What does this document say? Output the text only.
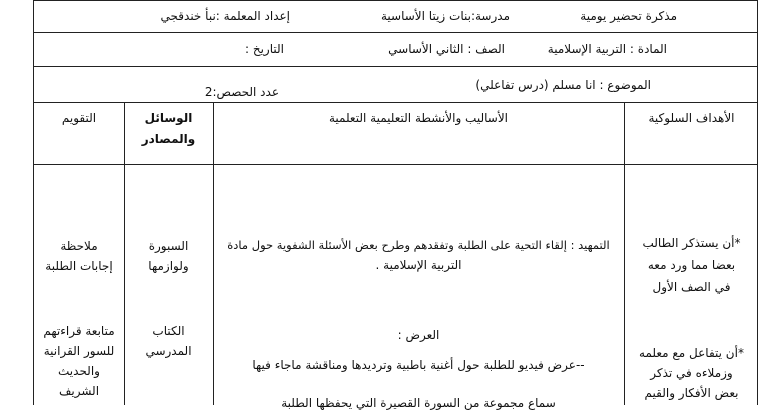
مذكرة تحضير يومية
مدرسة:بنات زيتا الأساسية
إعداد المعلمة :نبأ خندقجي
المادة : التربية الإسلامية
الصف : الثاني الأساسي
التاريخ :
الموضوع : انا مسلم (درس تفاعلي)
عدد الحصص:2
التقويم	الوسائل
والمصادر
الأساليب والأنشطة التعليمية التعلمية	الأهداف السلوكية
*أن يستذكر الطالب
بعضا مما ورد معه
في الصف الأول
*أن يتفاعل مع معلمه
وزملاءه في تذكر
بعض الأفكار والقيم
التمهيد : إلقاء التحية على الطلبة وتفقدهم وطرح بعض الأسئلة الشفوية حول مادة
التربية الإسلامية .
العرض :
--عرض فيديو للطلبة حول أغنية باطبية وترديدها ومناقشة ماجاء فيها
سماع مجموعة من السورة القصيرة التي يحفظها الطلبة
السبورة
ولوازمها
الكتاب
المدرسي
ملاحظة
إجابات الطلبة
متابعة قراءتهم
للسور القرانية
والحديث
الشريف
